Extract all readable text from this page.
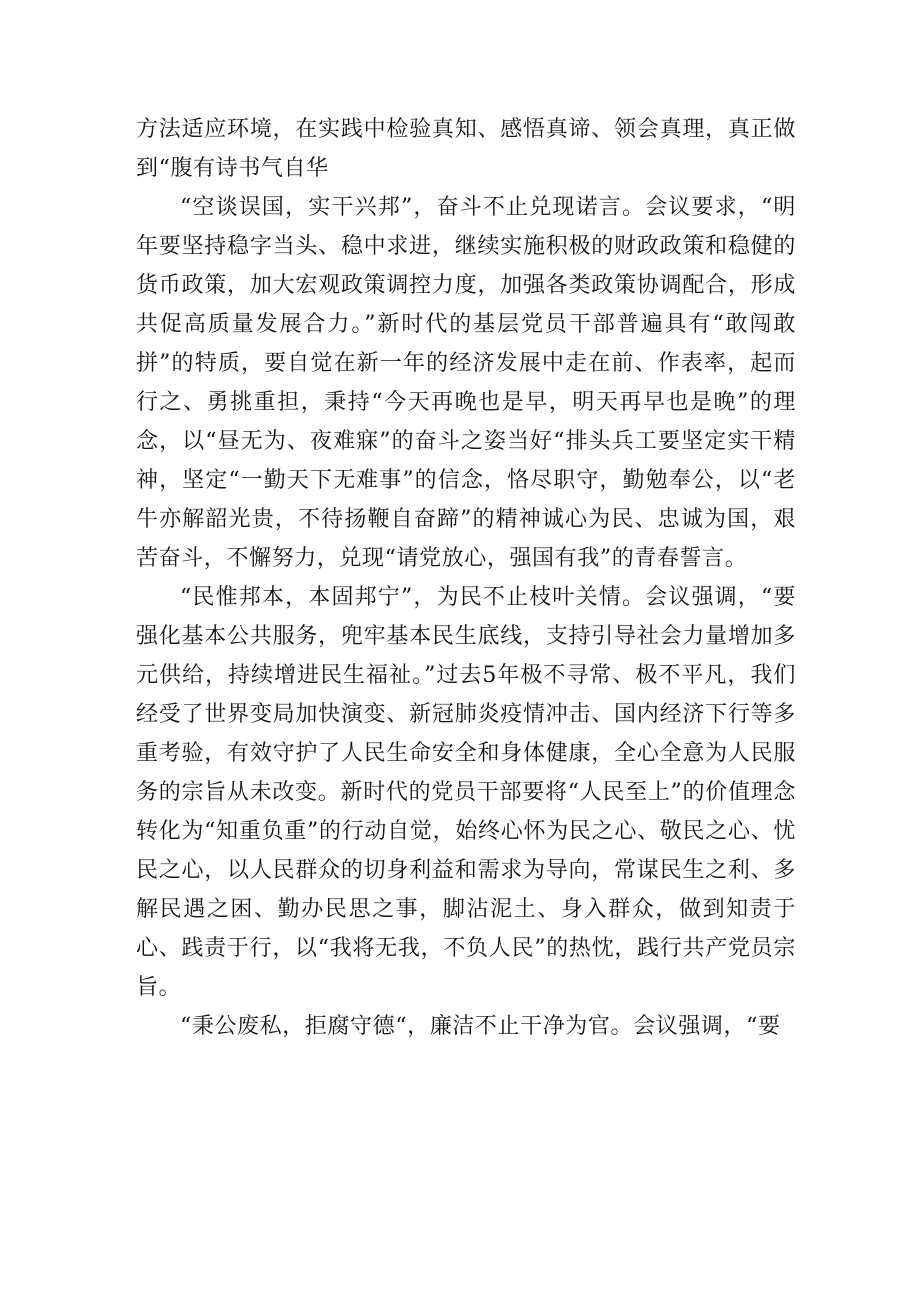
方法适应环境，在实践中检验真知、感悟真谛、领会真理，真正做到“腹有诗书气自华

“空谈误国，实干兴邦”，奋斗不止兑现诺言。会议要求，“明年要坚持稳字当头、稳中求进，继续实施积极的财政政策和稳健的货币政策，加大宏观政策调控力度，加强各类政策协调配合，形成共促高质量发展合力。”新时代的基层党员干部普遍具有“敢闯敢拼”的特质，要自觉在新一年的经济发展中走在前、作表率，起而行之、勇挑重担，秉持“今天再晚也是早，明天再早也是晚”的理念，以“昼无为、夜难寐”的奋斗之姿当好“排头兵工要坚定实干精神，坚定“一勤天下无难事”的信念，恪尽职守，勤勉奉公，以“老牛亦解韶光贵，不待扬鞭自奋蹄”的精神诚心为民、忠诚为国，艰苦奋斗，不懈努力，兑现“请党放心，强国有我”的青春誓言。

“民惟邦本，本固邦宁”，为民不止枝叶关情。会议强调，“要强化基本公共服务，兜牢基本民生底线，支持引导社会力量增加多元供给，持续增进民生福祉。”过去5年极不寻常、极不平凡，我们经受了世界变局加快演变、新冠肺炎疫情冲击、国内经济下行等多重考验，有效守护了人民生命安全和身体健康，全心全意为人民服务的宗旨从未改变。新时代的党员干部要将“人民至上”的价值理念转化为“知重负重”的行动自觉，始终心怀为民之心、敬民之心、忧民之心，以人民群众的切身利益和需求为导向，常谋民生之利、多解民遇之困、勤办民思之事，脚沾泥土、身入群众，做到知责于心、践责于行，以“我将无我，不负人民”的热忱，践行共产党员宗旨。

“秉公废私，拒腐守德“，廉洁不止干净为官。会议强调，“要
